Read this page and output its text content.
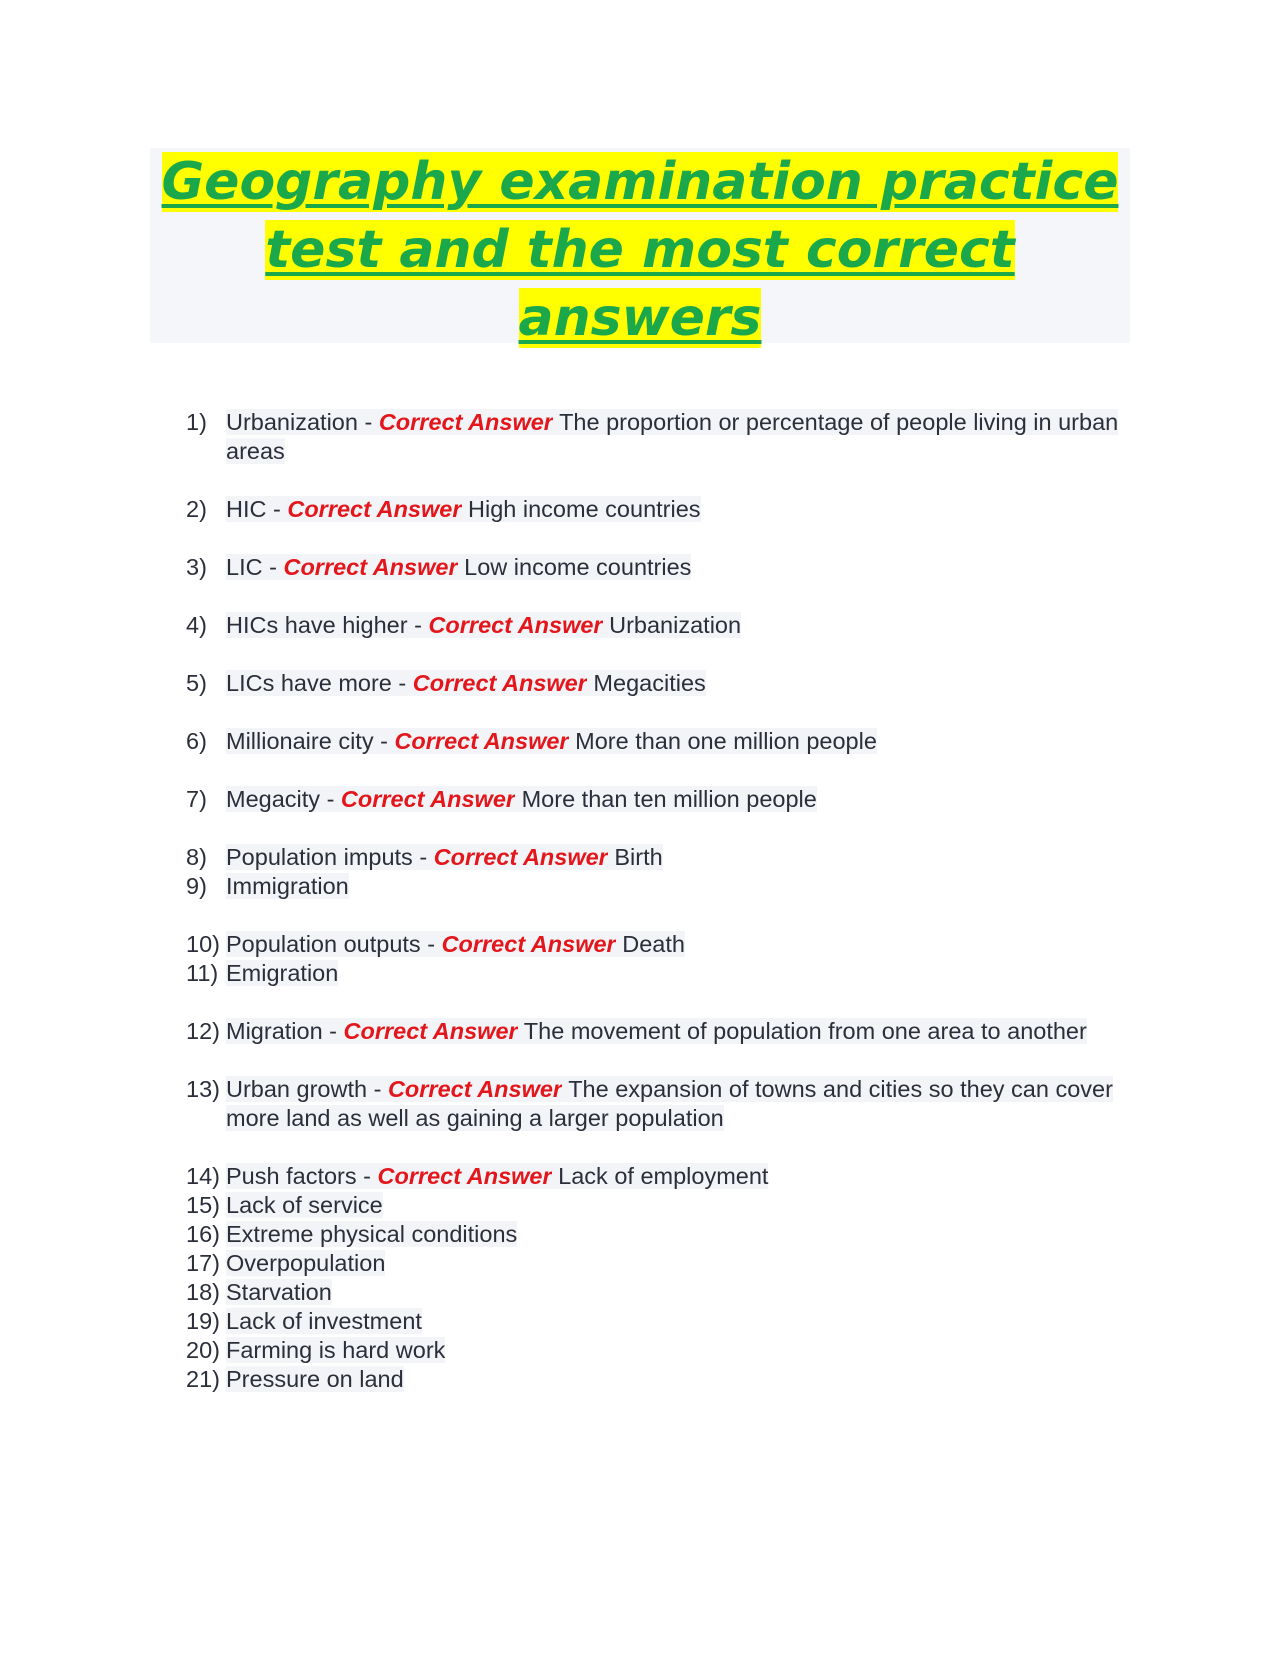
Geography examination practice
test and the most correct
answers
1) Urbanization - Correct Answer The proportion or percentage of people living in urban areas
2) HIC - Correct Answer High income countries
3) LIC - Correct Answer Low income countries
4) HICs have higher - Correct Answer Urbanization
5) LICs have more - Correct Answer Megacities
6) Millionaire city - Correct Answer More than one million people
7) Megacity - Correct Answer More than ten million people
8) Population imputs - Correct Answer Birth
9) Immigration
10) Population outputs - Correct Answer Death
11) Emigration
12) Migration - Correct Answer The movement of population from one area to another
13) Urban growth - Correct Answer The expansion of towns and cities so they can cover more land as well as gaining a larger population
14) Push factors - Correct Answer Lack of employment
15) Lack of service
16) Extreme physical conditions
17) Overpopulation
18) Starvation
19) Lack of investment
20) Farming is hard work
21) Pressure on land
